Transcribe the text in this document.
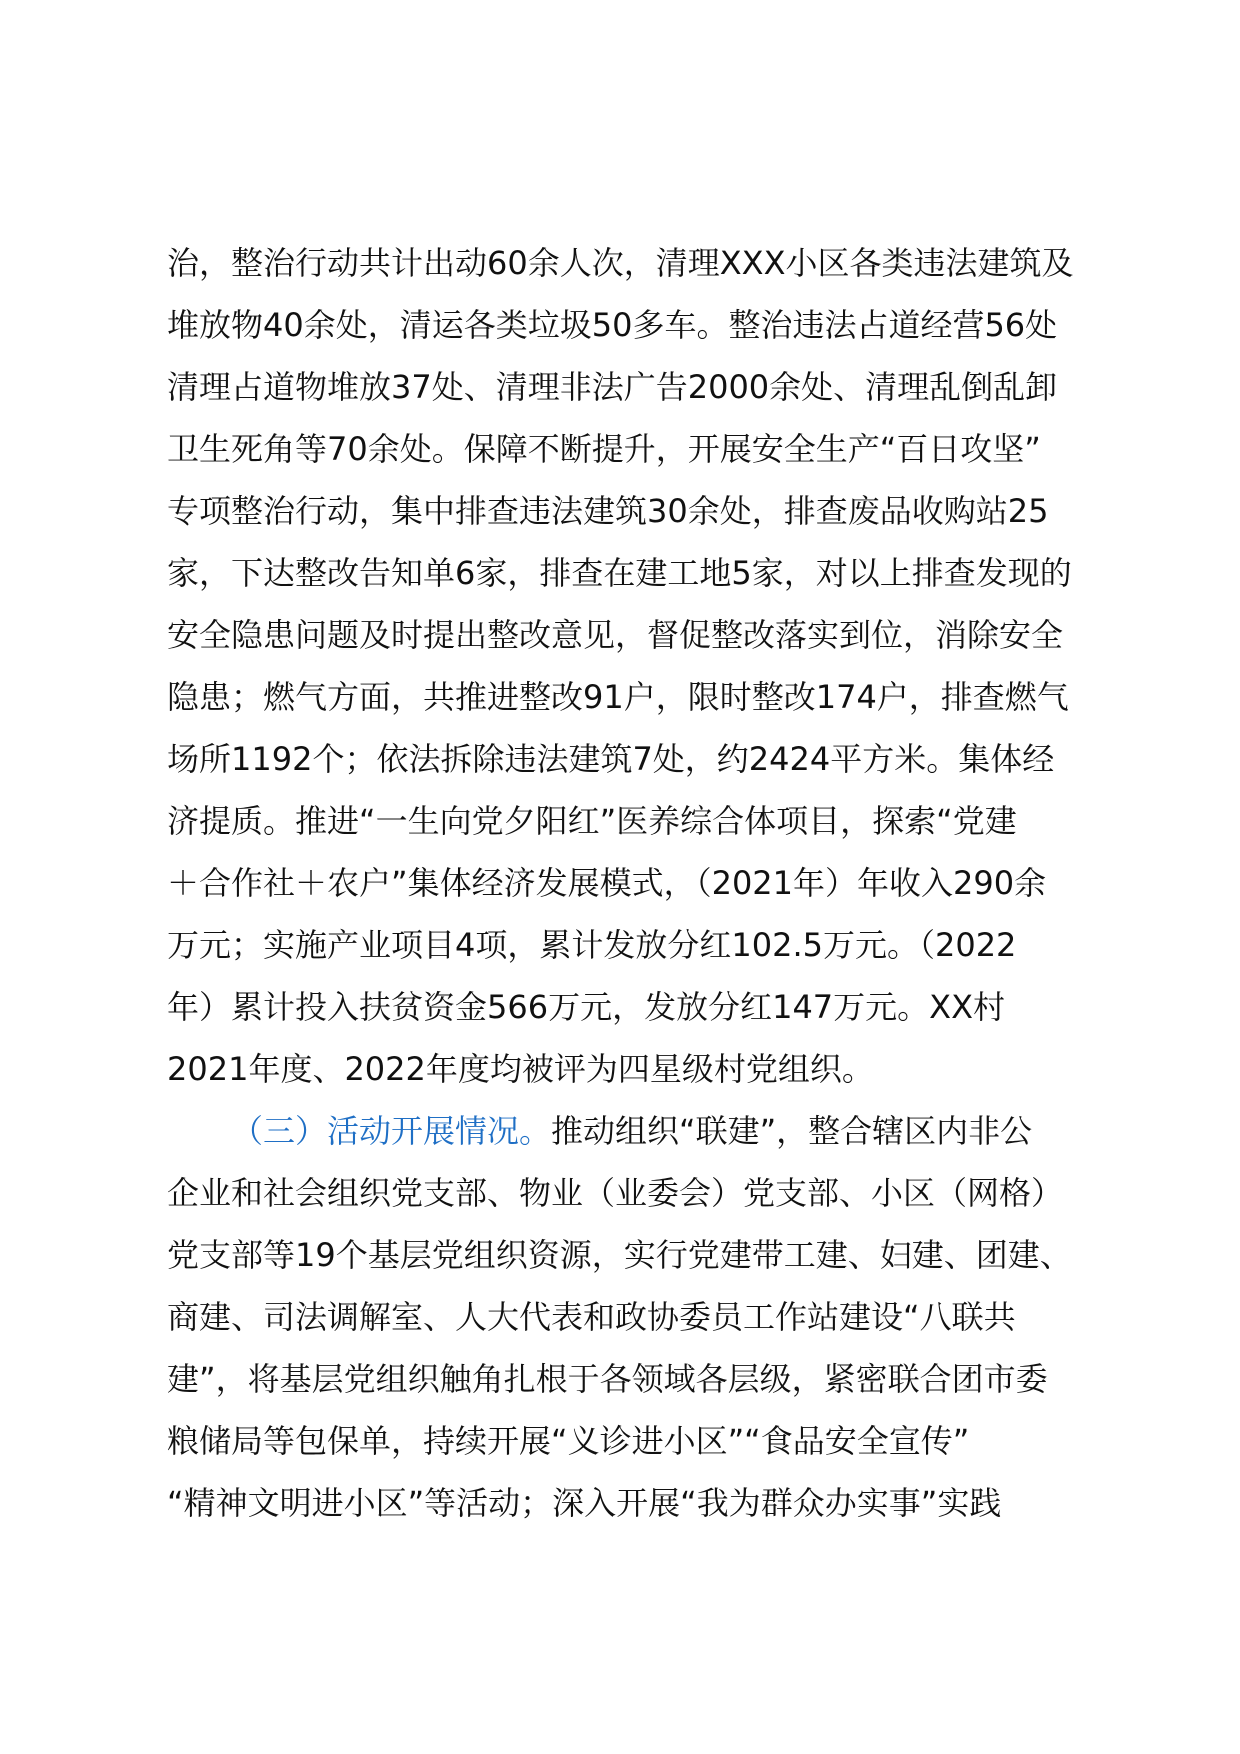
治，整治行动共计出动60余人次，清理XXX小区各类违法建筑及
堆放物40余处，清运各类垃圾50多车。整治违法占道经营56处
清理占道物堆放37处、清理非法广告2000余处、清理乱倒乱卸
卫生死角等70余处。保障不断提升，开展安全生产“百日攻坚”
专项整治行动，集中排查违法建筑30余处，排查废品收购站25
家，下达整改告知单6家，排查在建工地5家，对以上排查发现的
安全隐患问题及时提出整改意见，督促整改落实到位，消除安全
隐患；燃气方面，共推进整改91户，限时整改174户，排查燃气
场所1192个；依法拆除违法建筑7处，约2424平方米。集体经
济提质。推进“一生向党夕阳红”医养综合体项目，探索“党建
＋合作社＋农户”集体经济发展模式，（2021年）年收入290余
万元；实施产业项目4项，累计发放分红102.5万元。（2022
年）累计投入扶贫资金566万元，发放分红147万元。XX村
2021年度、2022年度均被评为四星级村党组织。
（三）活动开展情况。推动组织“联建”，整合辖区内非公
企业和社会组织党支部、物业（业委会）党支部、小区（网格）
党支部等19个基层党组织资源，实行党建带工建、妇建、团建、
商建、司法调解室、人大代表和政协委员工作站建设“八联共
建”，将基层党组织触角扎根于各领域各层级，紧密联合团市委
粮储局等包保单，持续开展“义诊进小区”“食品安全宣传”
“精神文明进小区”等活动；深入开展“我为群众办实事”实践
